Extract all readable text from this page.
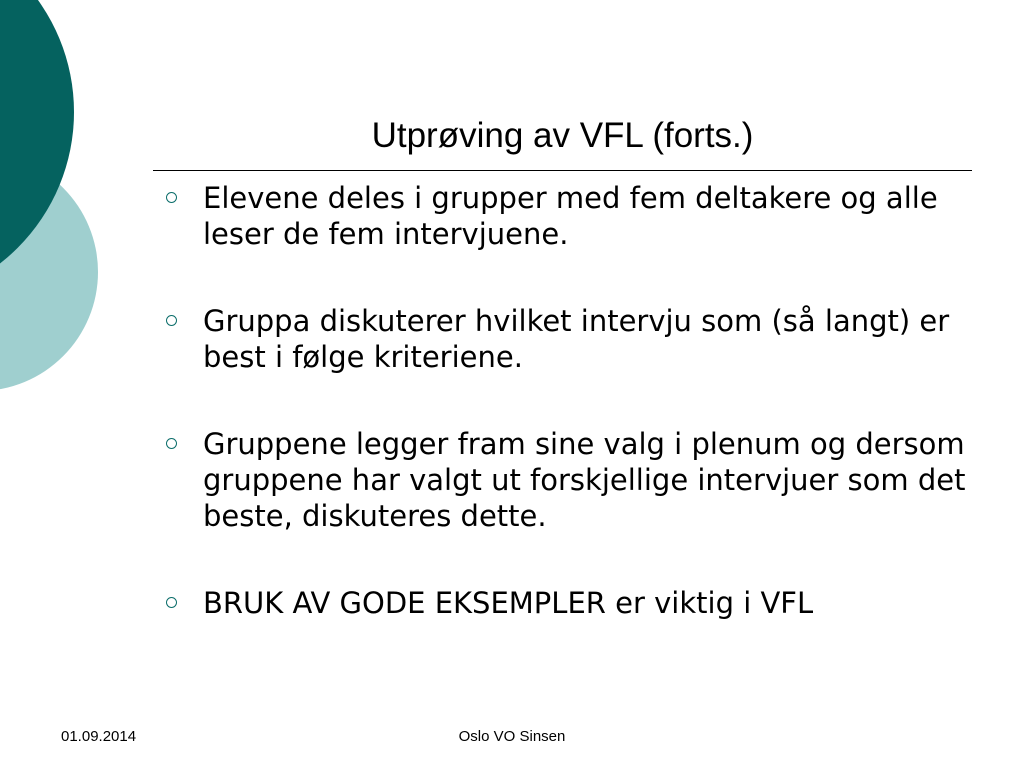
Utprøving av VFL (forts.)
Elevene deles i grupper med fem deltakere og alle leser de fem intervjuene.
Gruppa diskuterer hvilket intervju som (så langt) er best i følge kriteriene.
Gruppene legger fram sine valg i plenum og dersom gruppene har valgt ut forskjellige intervjuer som det beste, diskuteres dette.
BRUK AV GODE EKSEMPLER er viktig i VFL
01.09.2014	Oslo VO Sinsen
